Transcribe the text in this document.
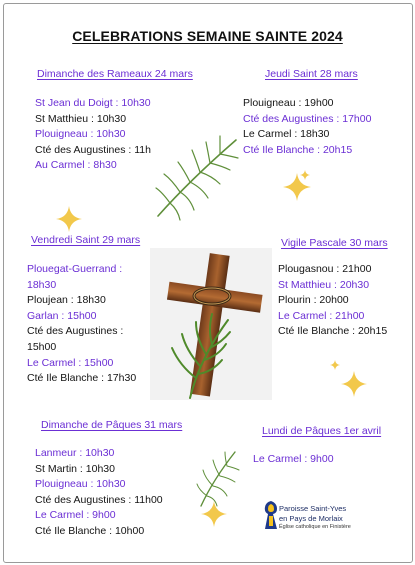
CELEBRATIONS SEMAINE SAINTE 2024
Dimanche des Rameaux 24 mars	Jeudi Saint 28 mars
Vendredi Saint 29 mars	Vigile Pascale 30 mars
Dimanche de Pâques 31 mars	Lundi de Pâques 1er avril
St Jean du Doigt : 10h30
St Matthieu : 10h30
Plouigneau : 10h30
Cté des Augustines : 11h
Au Carmel : 8h30
Plouigneau : 19h00
Cté des Augustines : 17h00
Le Carmel : 18h30
Cté Ile Blanche : 20h15
Plouegat-Guerrand :
18h30
Ploujean : 18h30
Garlan : 15h00
Cté des Augustines :
15h00
Le Carmel : 15h00
Cté Ile Blanche : 17h30
Plougasnou : 21h00
St Matthieu : 20h30
Plourin : 20h00
Le Carmel : 21h00
Cté Ile Blanche : 20h15
Lanmeur : 10h30
St Martin : 10h30
Plouigneau : 10h30
Cté des Augustines : 11h00
Le Carmel : 9h00
Cté Ile Blanche : 10h00
Le Carmel : 9h00
Paroisse Saint-Yves
en Pays de Morlaix
Église catholique en Finistère
